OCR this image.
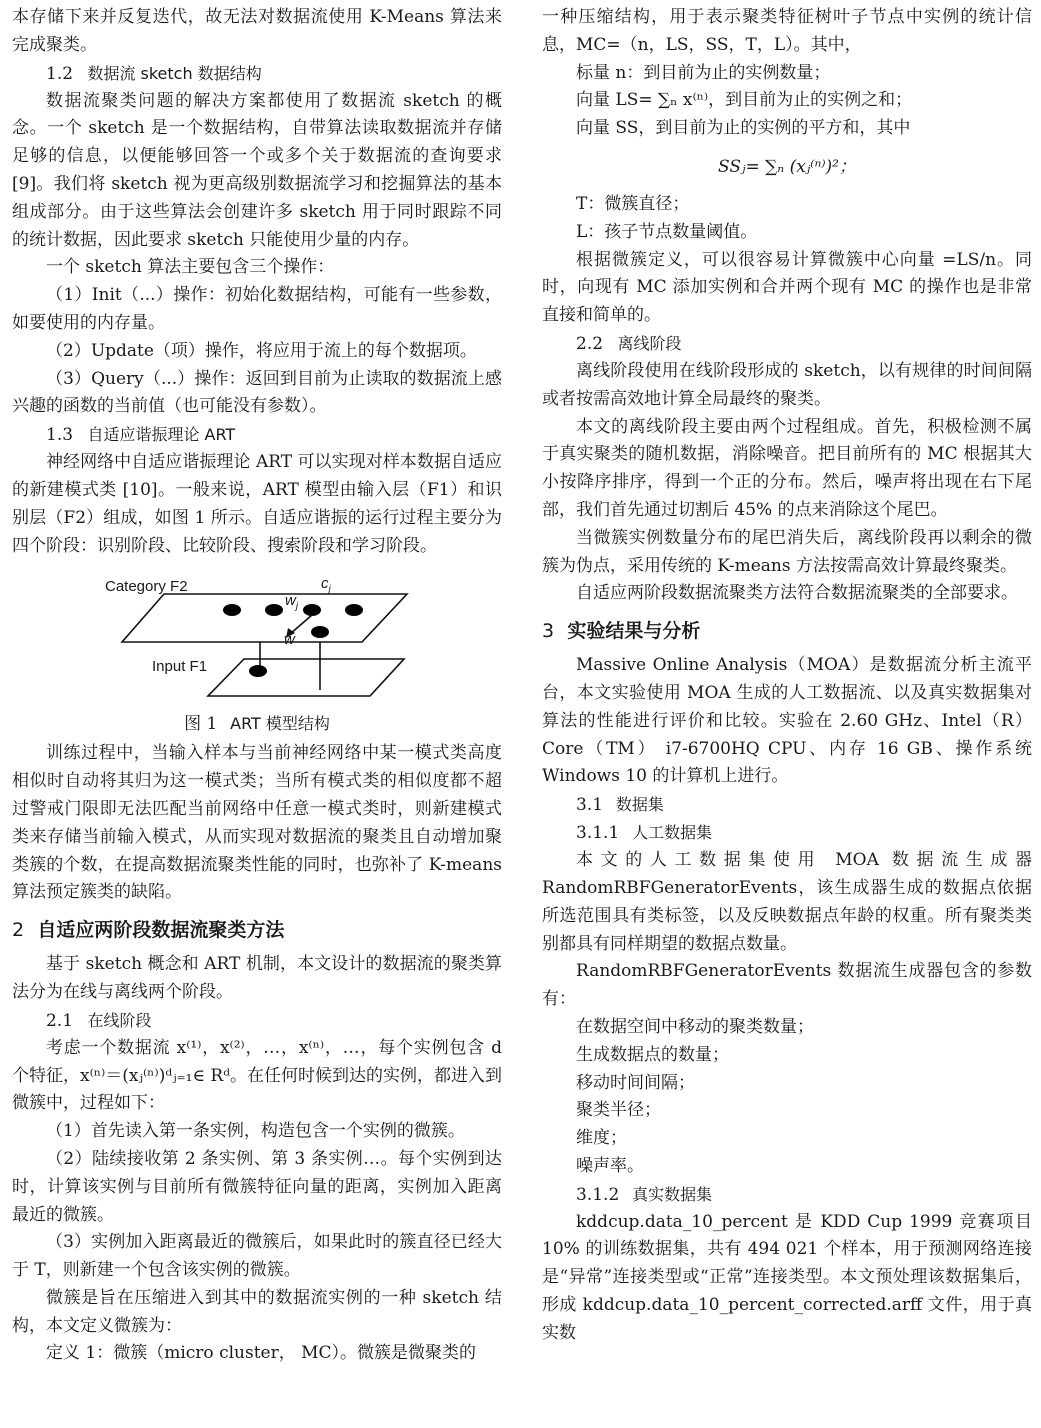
本存储下来并反复迭代，故无法对数据流使用 K-Means 算法来完成聚类。

1.2 数据流 sketch 数据结构

数据流聚类问题的解决方案都使用了数据流 sketch 的概念。一个 sketch 是一个数据结构，自带算法读取数据流并存储足够的信息，以便能够回答一个或多个关于数据流的查询要求 [9]。我们将 sketch 视为更高级别数据流学习和挖掘算法的基本组成部分。由于这些算法会创建许多 sketch 用于同时跟踪不同的统计数据，因此要求 sketch 只能使用少量的内存。

一个 sketch 算法主要包含三个操作：

（1）Init（...）操作：初始化数据结构，可能有一些参数，如要使用的内存量。

（2）Update（项）操作，将应用于流上的每个数据项。

（3）Query（...）操作：返回到目前为止读取的数据流上感兴趣的函数的当前值（也可能没有参数）。

1.3 自适应谐振理论 ART

神经网络中自适应谐振理论 ART 可以实现对样本数据自适应的新建模式类 [10]。一般来说，ART 模型由输入层（F1）和识别层（F2）组成，如图 1 所示。自适应谐振的运行过程主要分为四个阶段：识别阶段、比较阶段、搜索阶段和学习阶段。

Category F2
Input F1
$c_j$
$w_j$
w
图 1 ART 模型结构

训练过程中，当输入样本与当前神经网络中某一模式类高度相似时自动将其归为这一模式类；当所有模式类的相似度都不超过警戒门限即无法匹配当前网络中任意一模式类时，则新建模式类来存储当前输入模式，从而实现对数据流的聚类且自动增加聚类簇的个数，在提高数据流聚类性能的同时，也弥补了 K-means 算法预定簇类的缺陷。

2 自适应两阶段数据流聚类方法

基于 sketch 概念和 ART 机制，本文设计的数据流的聚类算法分为在线与离线两个阶段。

2.1 在线阶段

考虑一个数据流 x⁽¹⁾，x⁽²⁾，…，x⁽ⁿ⁾，…，每个实例包含 d 个特征，x⁽ⁿ⁾＝(xⱼ⁽ⁿ⁾)ᵈⱼ₌₁∈ Rᵈ。在任何时候到达的实例，都进入到微簇中，过程如下：

（1）首先读入第一条实例，构造包含一个实例的微簇。

（2）陆续接收第 2 条实例、第 3 条实例…。每个实例到达时，计算该实例与目前所有微簇特征向量的距离，实例加入距离最近的微簇。

（3）实例加入距离最近的微簇后，如果此时的簇直径已经大于 T，则新建一个包含该实例的微簇。

微簇是旨在压缩进入到其中的数据流实例的一种 sketch 结构，本文定义微簇为：

定义 1：微簇（micro cluster， MC）。微簇是微聚类的

一种压缩结构，用于表示聚类特征树叶子节点中实例的统计信息，MC=（n，LS，SS，T，L）。其中，

标量 n：到目前为止的实例数量；

向量 LS= ∑ₙ x⁽ⁿ⁾，到目前为止的实例之和；

向量 SS，到目前为止的实例的平方和，其中

SSⱼ= ∑ₙ (xⱼ⁽ⁿ⁾)²；

T：微簇直径；

L：孩子节点数量阈值。

根据微簇定义，可以很容易计算微簇中心向量 =LS/n。同时，向现有 MC 添加实例和合并两个现有 MC 的操作也是非常直接和简单的。

2.2 离线阶段

离线阶段使用在线阶段形成的 sketch，以有规律的时间间隔或者按需高效地计算全局最终的聚类。

本文的离线阶段主要由两个过程组成。首先，积极检测不属于真实聚类的随机数据，消除噪音。把目前所有的 MC 根据其大小按降序排序，得到一个正的分布。然后，噪声将出现在右下尾部，我们首先通过切割后 45% 的点来消除这个尾巴。

当微簇实例数量分布的尾巴消失后，离线阶段再以剩余的微簇为伪点，采用传统的 K-means 方法按需高效计算最终聚类。

自适应两阶段数据流聚类方法符合数据流聚类的全部要求。

3 实验结果与分析

Massive Online Analysis（MOA）是数据流分析主流平台，本文实验使用 MOA 生成的人工数据流、以及真实数据集对算法的性能进行评价和比较。实验在 2.60 GHz、Intel（R） Core（TM） i7-6700HQ CPU、内存 16 GB、操作系统 Windows 10 的计算机上进行。

3.1 数据集
3.1.1 人工数据集

本文的人工数据集使用 MOA 数据流生成器 RandomRBFGeneratorEvents，该生成器生成的数据点依据所选范围具有类标签，以及反映数据点年龄的权重。所有聚类类别都具有同样期望的数据点数量。

RandomRBFGeneratorEvents 数据流生成器包含的参数有：

在数据空间中移动的聚类数量；

生成数据点的数量；

移动时间间隔；

聚类半径；

维度；

噪声率。

3.1.2 真实数据集

kddcup.data_10_percent 是 KDD Cup 1999 竞赛项目 10% 的训练数据集，共有 494 021 个样本，用于预测网络连接是“异常”连接类型或“正常”连接类型。本文预处理该数据集后，形成 kddcup.data_10_percent_corrected.arff 文件，用于真实数
